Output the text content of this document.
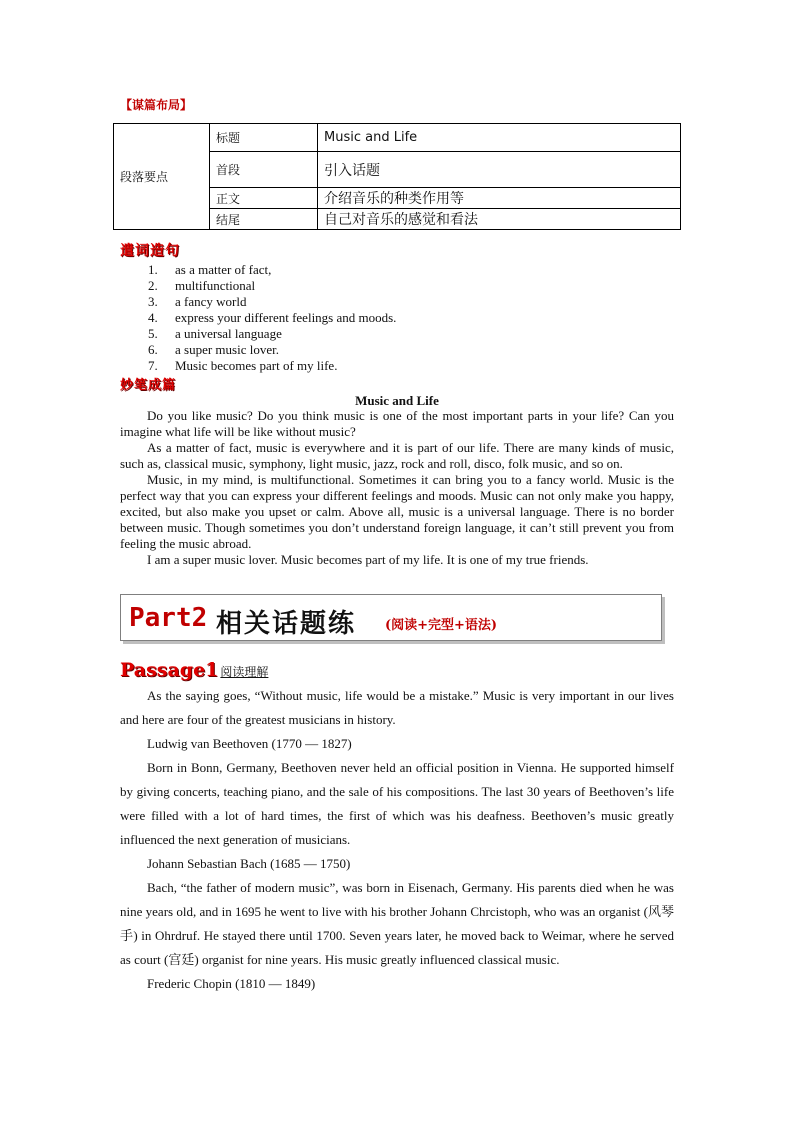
【谋篇布局】
段落要点	标题	Music and Life
	首段	引入话题
	正文	介绍音乐的种类作用等
	结尾	自己对音乐的感觉和看法
遣词造句
1. as a matter of fact,
2. multifunctional
3. a fancy world
4. express your different feelings and moods.
5. a universal language
6. a super music lover.
7. Music becomes part of my life.
妙笔成篇
Music and Life

Do you like music? Do you think music is one of the most important parts in your life? Can you imagine what life will be like without music?

As a matter of fact, music is everywhere and it is part of our life. There are many kinds of music, such as, classical music, symphony, light music, jazz, rock and roll, disco, folk music, and so on.

Music, in my mind, is multifunctional. Sometimes it can bring you to a fancy world. Music is the perfect way that you can express your different feelings and moods. Music can not only make you happy, excited, but also make you upset or calm. Above all, music is a universal language. There is no border between music. Though sometimes you don’t understand foreign language, it can’t still prevent you from feeling the music abroad.

I am a super music lover. Music becomes part of my life. It is one of my true friends.

Part2 相关话题练 (阅读+完型+语法)
Passage1 阅读理解

As the saying goes, “Without music, life would be a mistake.” Music is very important in our lives and here are four of the greatest musicians in history.

Ludwig van Beethoven (1770 — 1827)

Born in Bonn, Germany, Beethoven never held an official position in Vienna. He supported himself by giving concerts, teaching piano, and the sale of his compositions. The last 30 years of Beethoven’s life were filled with a lot of hard times, the first of which was his deafness. Beethoven’s music greatly influenced the next generation of musicians.

Johann Sebastian Bach (1685 — 1750)

Bach, “the father of modern music”, was born in Eisenach, Germany. His parents died when he was nine years old, and in 1695 he went to live with his brother Johann Chrcistoph, who was an organist (风琴手) in Ohrdruf. He stayed there until 1700. Seven years later, he moved back to Weimar, where he served as court (宫廷) organist for nine years. His music greatly influenced classical music.

Frederic Chopin (1810 — 1849)
